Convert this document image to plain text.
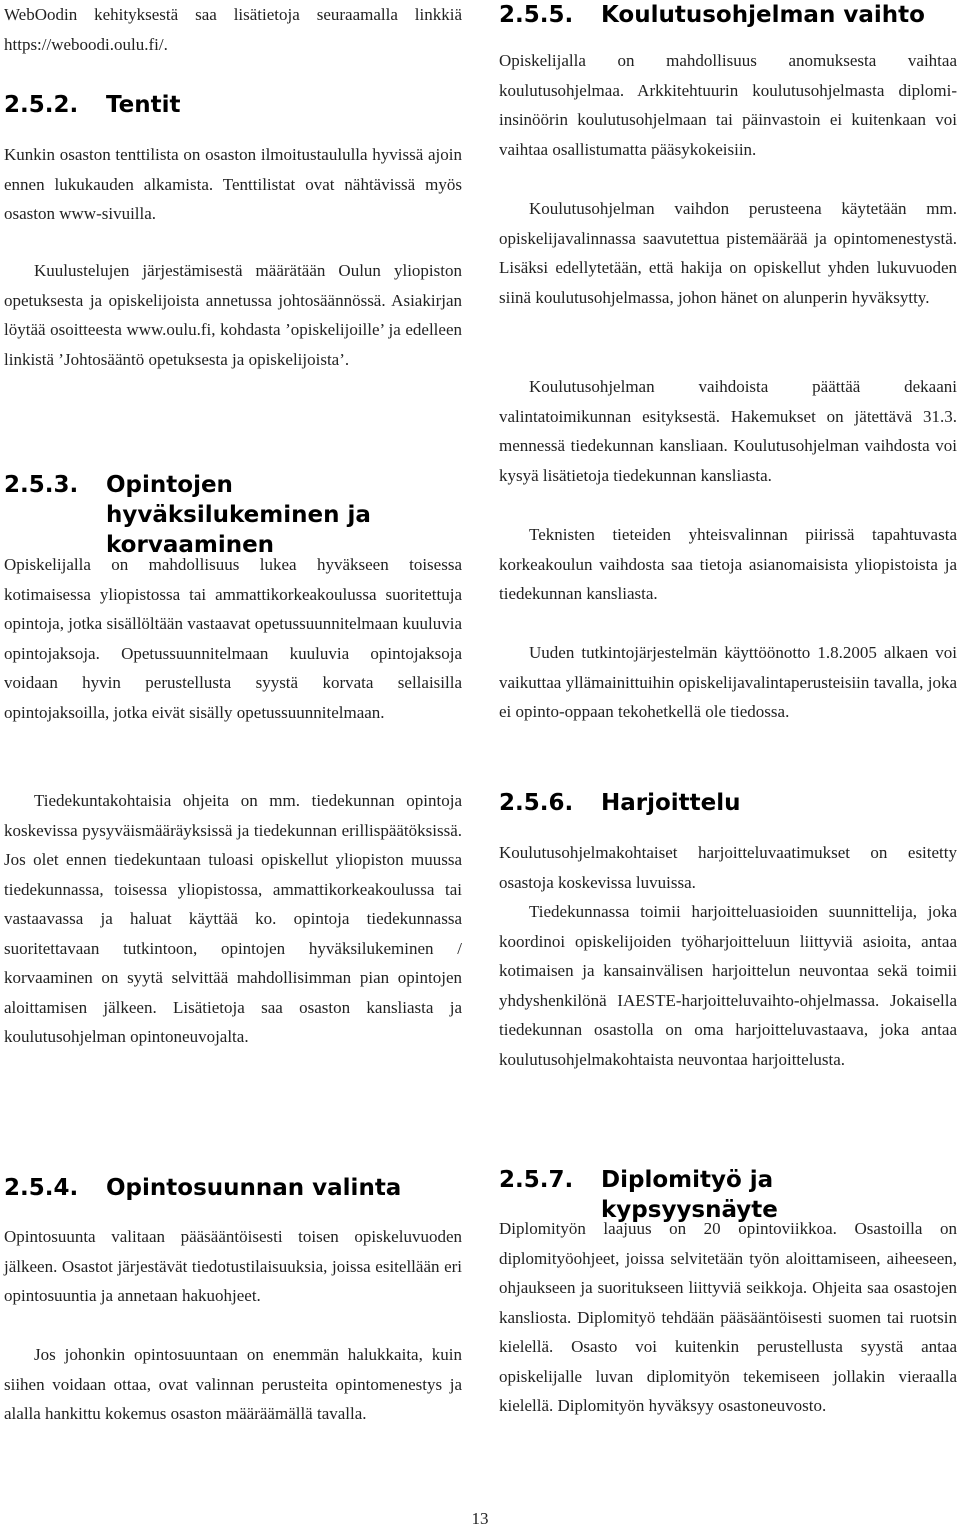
WebOodin kehityksestä saa lisätietoja seuraamalla linkkiä https://weboodi.oulu.fi/.

2.5.2.	Tentit

Kunkin osaston tenttilista on osaston ilmoitustaululla hyvissä ajoin ennen lukukauden alkamista. Tenttilistat ovat nähtävissä myös osaston www-sivuilla.

Kuulustelujen järjestämisestä määrätään Oulun yliopiston opetuksesta ja opiskelijoista annetussa johtosäännössä. Asiakirjan löytää osoitteesta www.oulu.fi, kohdasta ’opiskelijoille’ ja edelleen linkistä ’Johtosääntö opetuksesta ja opiskelijoista’.

2.5.3.	Opintojen hyväksilukeminen ja korvaaminen

Opiskelijalla on mahdollisuus lukea hyväkseen toisessa kotimaisessa yliopistossa tai ammattikorkeakoulussa suoritettuja opintoja, jotka sisällöltään vastaavat opetussuunnitelmaan kuuluvia opintojaksoja. Opetussuunnitelmaan kuuluvia opintojaksoja voidaan hyvin perustellusta syystä korvata sellaisilla opintojaksoilla, jotka eivät sisälly opetussuunnitelmaan.

Tiedekuntakohtaisia ohjeita on mm. tiedekunnan opintoja koskevissa pysyväismääräyksissä ja tiedekunnan erillispäätöksissä. Jos olet ennen tiedekuntaan tuloasi opiskellut yliopiston muussa tiedekunnassa, toisessa yliopistossa, ammattikorkeakoulussa tai vastaavassa ja haluat käyttää ko. opintoja tiedekunnassa suoritettavaan tutkintoon, opintojen hyväksilukeminen / korvaaminen on syytä selvittää mahdollisimman pian opintojen aloittamisen jälkeen. Lisätietoja saa osaston kansliasta ja koulutusohjelman opintoneuvojalta.

2.5.4.	Opintosuunnan valinta

Opintosuunta valitaan pääsääntöisesti toisen opiskeluvuoden jälkeen. Osastot järjestävät tiedotustilaisuuksia, joissa esitellään eri opintosuuntia ja annetaan hakuohjeet.

Jos johonkin opintosuuntaan on enemmän halukkaita, kuin siihen voidaan ottaa, ovat valinnan perusteita opintomenestys ja alalla hankittu kokemus osaston määräämällä tavalla.

2.5.5.	Koulutusohjelman vaihto

Opiskelijalla on mahdollisuus anomuksesta vaihtaa koulutusohjelmaa. Arkkitehtuurin koulutusohjelmasta diplomi-insinöörin koulutusohjelmaan tai päinvastoin ei kuitenkaan voi vaihtaa osallistumatta pääsykokeisiin.

Koulutusohjelman vaihdon perusteena käytetään mm. opiskelijavalinnassa saavutettua pistemäärää ja opintomenestystä. Lisäksi edellytetään, että hakija on opiskellut yhden lukuvuoden siinä koulutusohjelmassa, johon hänet on alunperin hyväksytty.

Koulutusohjelman vaihdoista päättää dekaani valintatoimikunnan esityksestä. Hakemukset on jätettävä 31.3. mennessä tiedekunnan kansliaan. Koulutusohjelman vaihdosta voi kysyä lisätietoja tiedekunnan kansliasta.

Teknisten tieteiden yhteisvalinnan piirissä tapahtuvasta korkeakoulun vaihdosta saa tietoja asianomaisista yliopistoista ja tiedekunnan kansliasta.

Uuden tutkintojärjestelmän käyttöönotto 1.8.2005 alkaen voi vaikuttaa yllämainittuihin opiskelijavalintaperusteisiin tavalla, joka ei opinto-oppaan tekohetkellä ole tiedossa.

2.5.6.	Harjoittelu

Koulutusohjelmakohtaiset harjoitteluvaatimukset on esitetty osastoja koskevissa luvuissa.

Tiedekunnassa toimii harjoitteluasioiden suunnittelija, joka koordinoi opiskelijoiden työharjoitteluun liittyviä asioita, antaa kotimaisen ja kansainvälisen harjoittelun neuvontaa sekä toimii yhdyshenkilönä IAESTE-harjoitteluvaihto-ohjelmassa. Jokaisella tiedekunnan osastolla on oma harjoitteluvastaava, joka antaa koulutusohjelmakohtaista neuvontaa harjoittelusta.

2.5.7.	Diplomityö ja kypsyysnäyte

Diplomityön laajuus on 20 opintoviikkoa. Osastoilla on diplomityöohjeet, joissa selvitetään työn aloittamiseen, aiheeseen, ohjaukseen ja suoritukseen liittyviä seikkoja. Ohjeita saa osastojen kansliosta. Diplomityö tehdään pääsääntöisesti suomen tai ruotsin kielellä. Osasto voi kuitenkin perustellusta syystä antaa opiskelijalle luvan diplomityön tekemiseen jollakin vieraalla kielellä. Diplomityön hyväksyy osastoneuvosto.

13
